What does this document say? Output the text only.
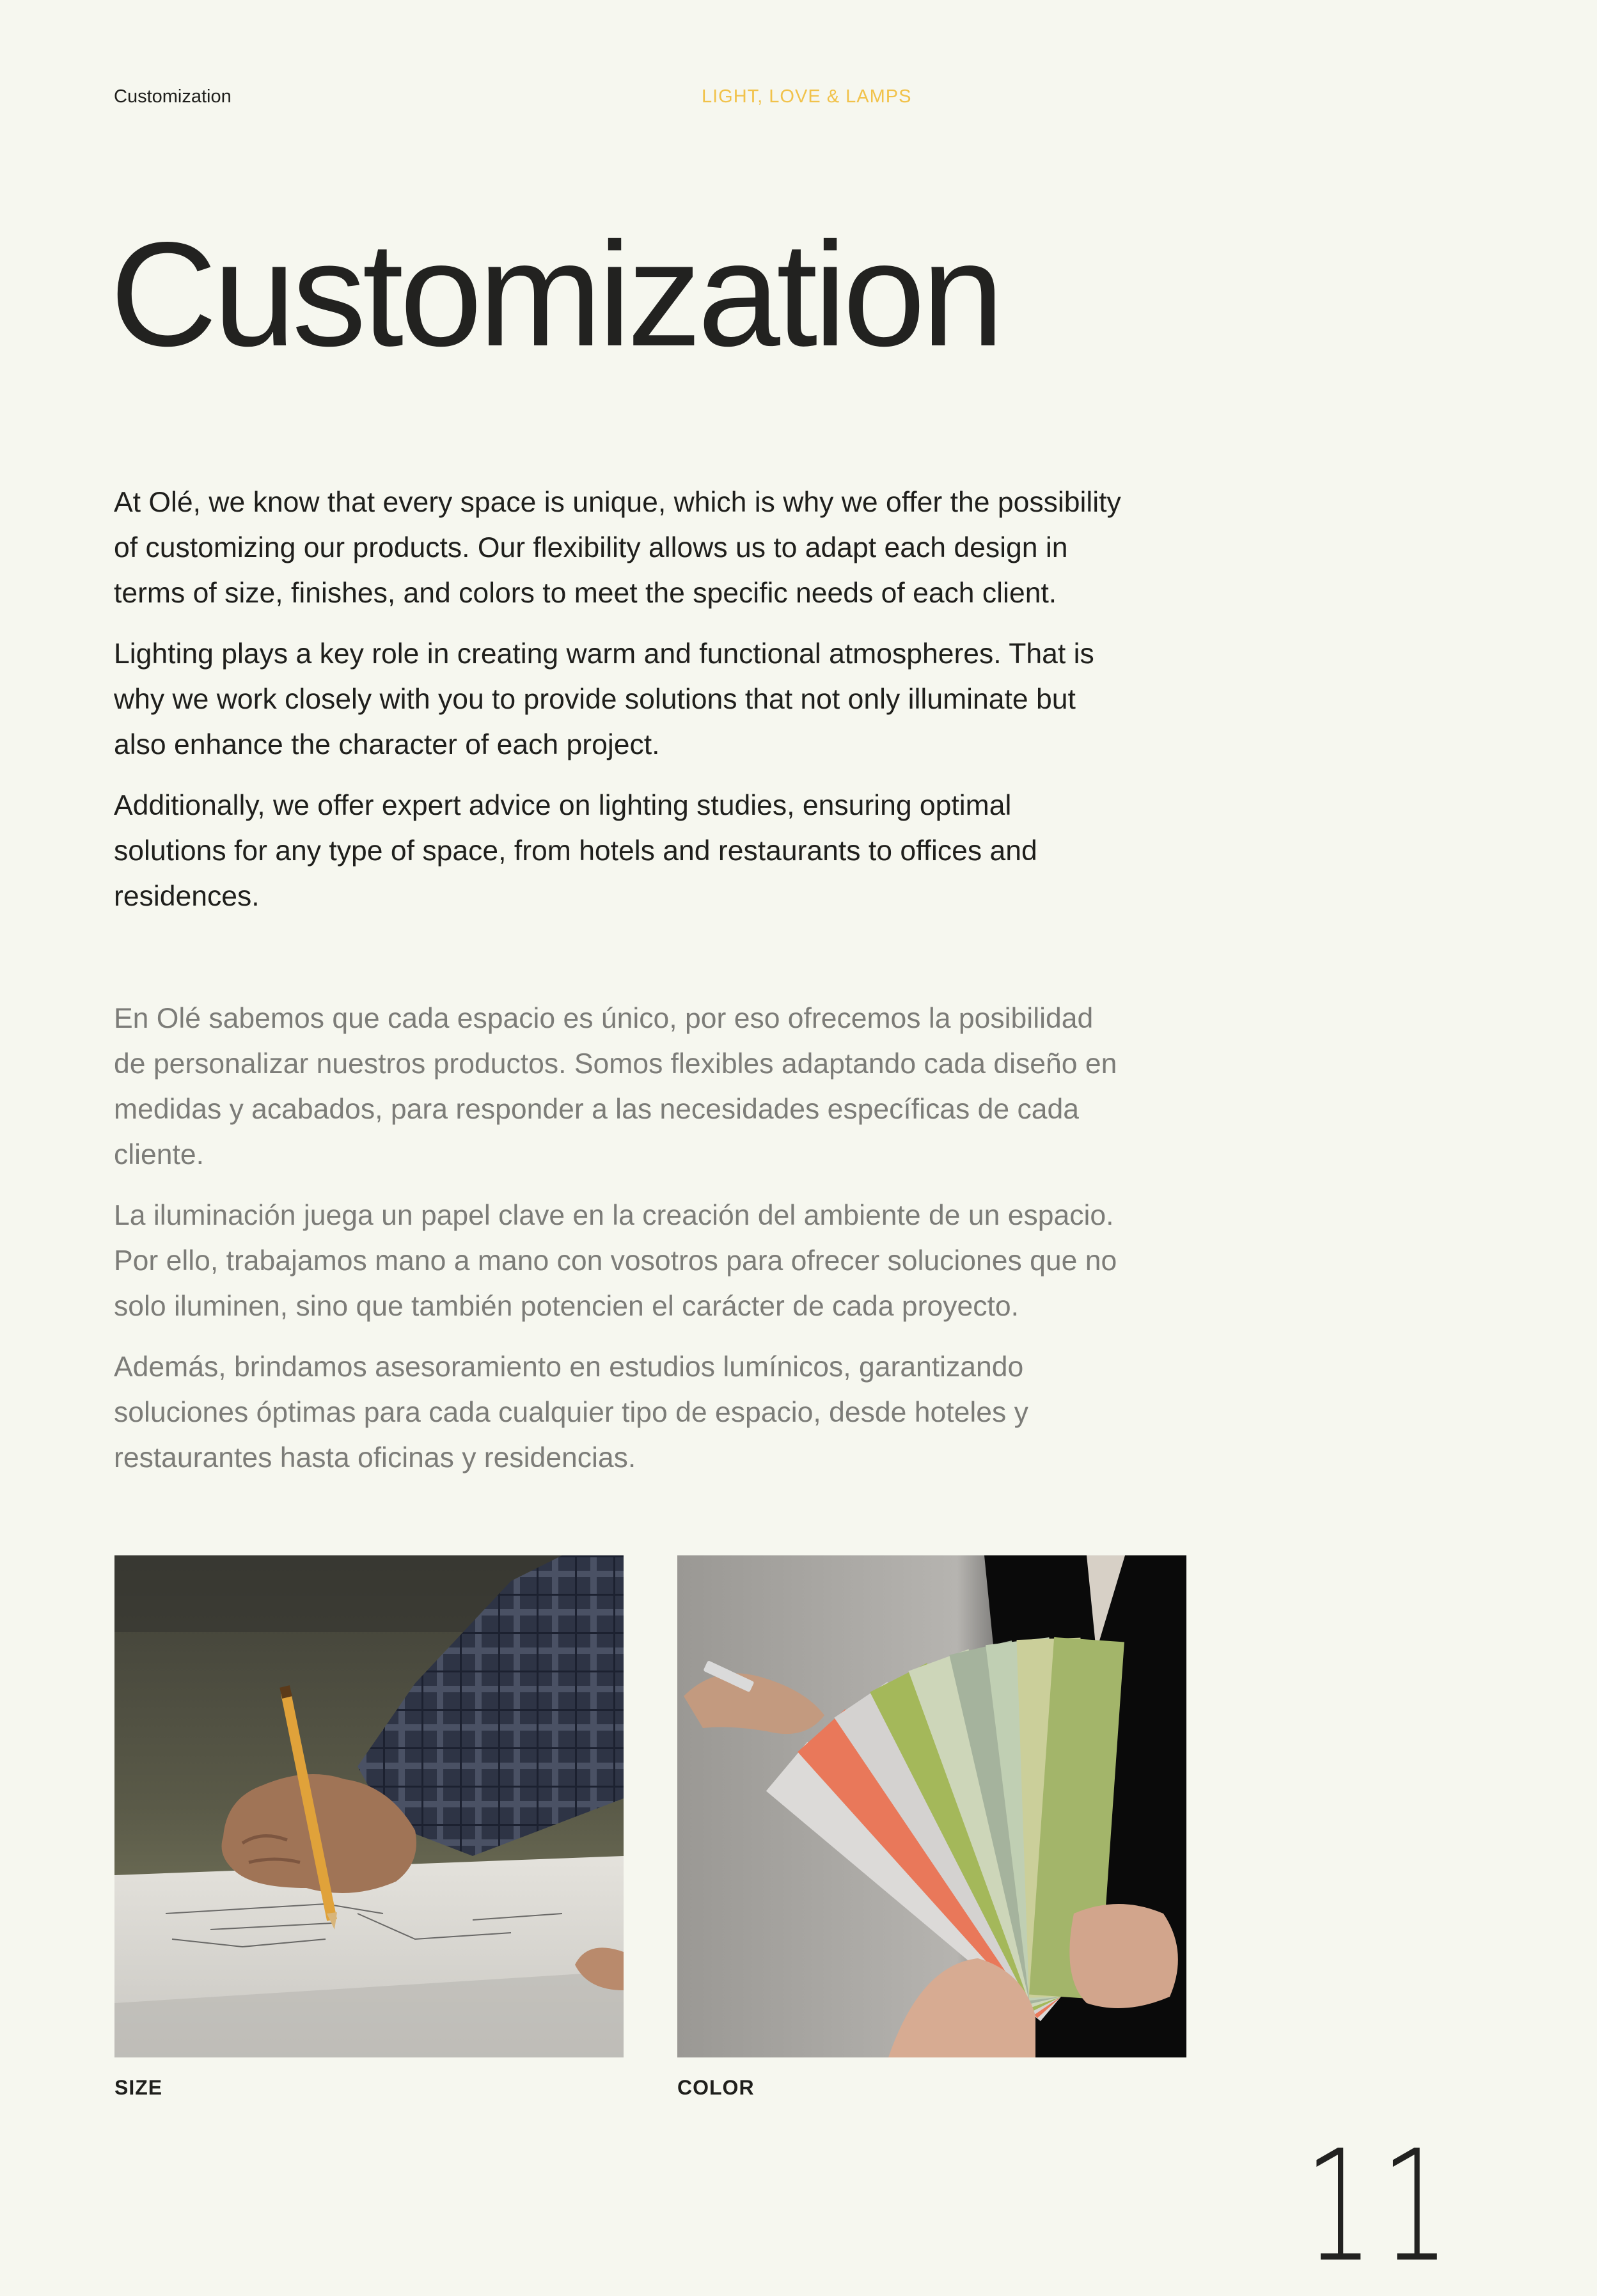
Customization	LIGHT, LOVE & LAMPS
Customization

At Olé, we know that every space is unique, which is why we offer the possibility of customizing our products. Our flexibility allows us to adapt each design in terms of size, finishes, and colors to meet the specific needs of each client.

Lighting plays a key role in creating warm and functional atmospheres. That is why we work closely with you to provide solutions that not only illuminate but also enhance the character of each project.

Additionally, we offer expert advice on lighting studies, ensuring optimal solutions for any type of space, from hotels and restaurants to offices and residences.

En Olé sabemos que cada espacio es único, por eso ofrecemos la posibilidad de personalizar nuestros productos. Somos flexibles adaptando cada diseño en medidas y acabados, para responder a las necesidades específicas de cada cliente.

La iluminación juega un papel clave en la creación del ambiente de un espacio. Por ello, trabajamos mano a mano con vosotros para ofrecer soluciones que no solo iluminen, sino que también potencien el carácter de cada proyecto.

Además, brindamos asesoramiento en estudios lumínicos, garantizando soluciones óptimas para cada cualquier tipo de espacio, desde hoteles y restaurantes hasta oficinas y residencias.

SIZE	COLOR
11
